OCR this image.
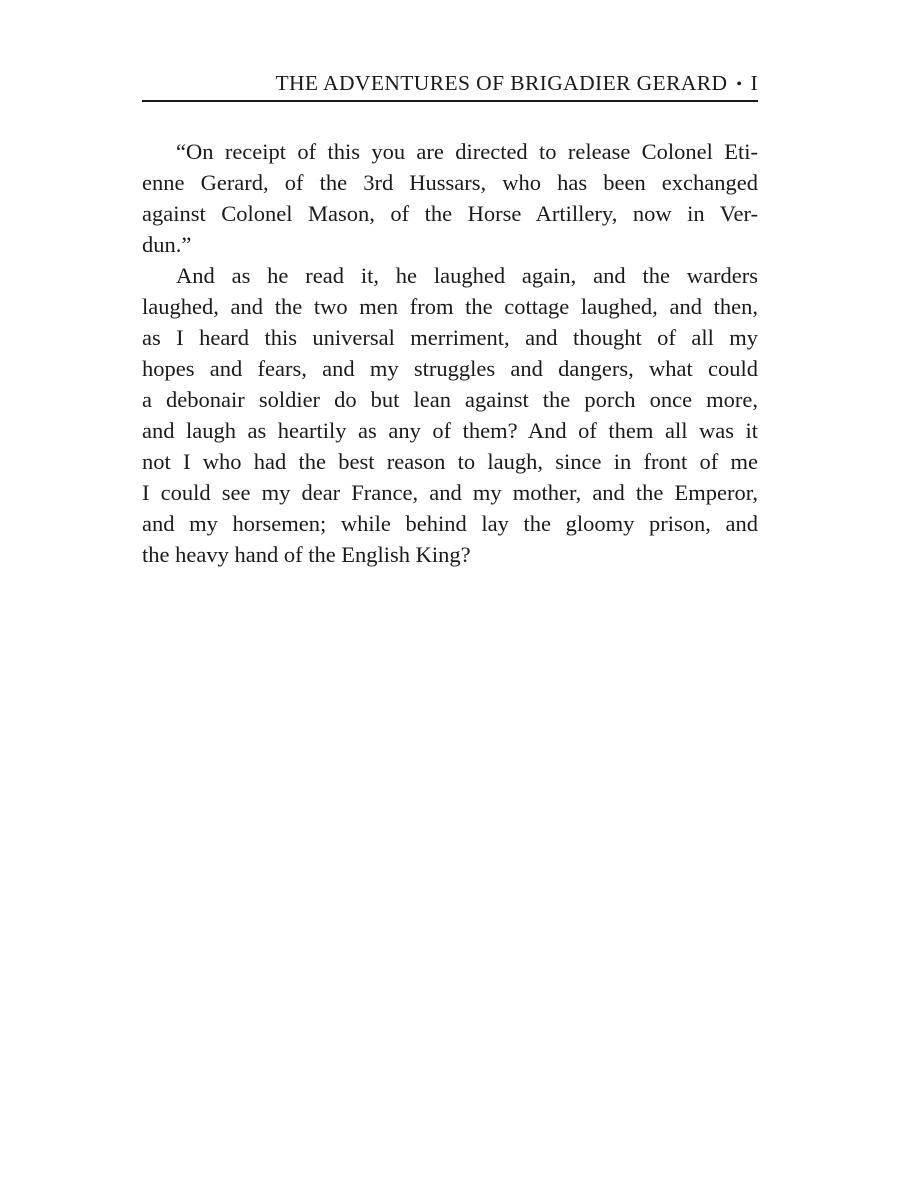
THE ADVENTURES OF BRIGADIER GERARD • I
“On receipt of this you are directed to release Colonel Eti-
enne Gerard, of the 3rd Hussars, who has been exchanged
against Colonel Mason, of the Horse Artillery, now in Ver-
dun.”
And as he read it, he laughed again, and the warders
laughed, and the two men from the cottage laughed, and then,
as I heard this universal merriment, and thought of all my
hopes and fears, and my struggles and dangers, what could
a debonair soldier do but lean against the porch once more,
and laugh as heartily as any of them? And of them all was it
not I who had the best reason to laugh, since in front of me
I could see my dear France, and my mother, and the Emperor,
and my horsemen; while behind lay the gloomy prison, and
the heavy hand of the English King?
